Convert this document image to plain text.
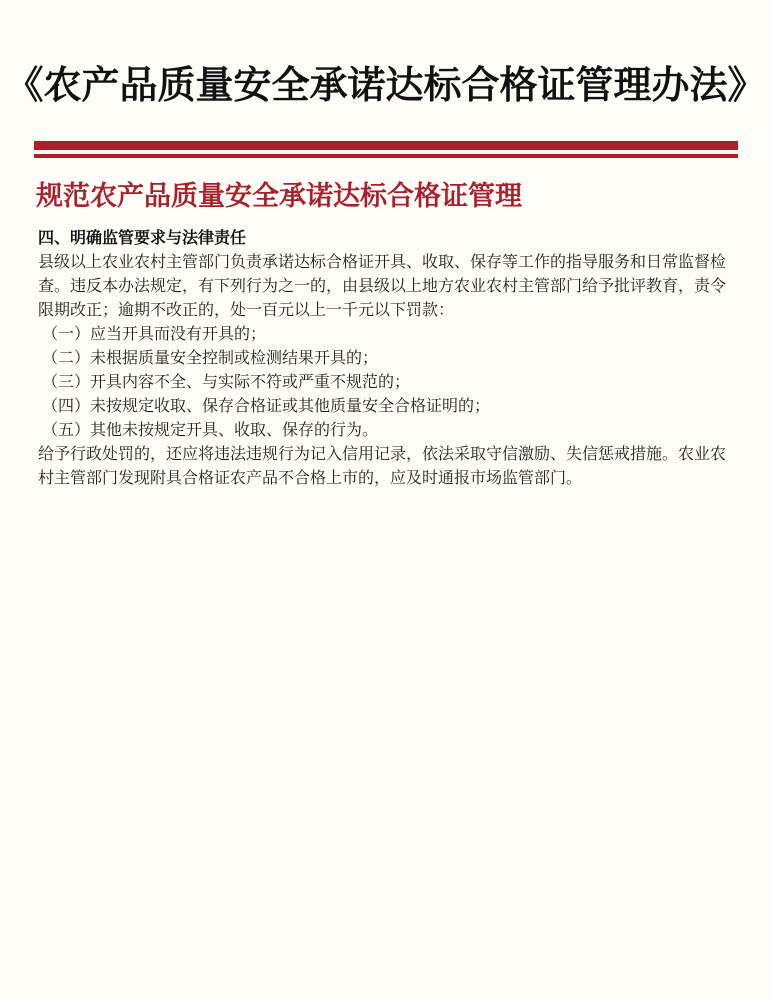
《农产品质量安全承诺达标合格证管理办法》
规范农产品质量安全承诺达标合格证管理

四、明确监管要求与法律责任

县级以上农业农村主管部门负责承诺达标合格证开具、收取、保存等工作的指导服务和日常监督检查。违反本办法规定，有下列行为之一的，由县级以上地方农业农村主管部门给予批评教育，责令限期改正；逾期不改正的，处一百元以上一千元以下罚款：

（一）应当开具而没有开具的；

（二）未根据质量安全控制或检测结果开具的；

（三）开具内容不全、与实际不符或严重不规范的；

（四）未按规定收取、保存合格证或其他质量安全合格证明的；

（五）其他未按规定开具、收取、保存的行为。

给予行政处罚的，还应将违法违规行为记入信用记录，依法采取守信激励、失信惩戒措施。农业农村主管部门发现附具合格证农产品不合格上市的，应及时通报市场监管部门。
